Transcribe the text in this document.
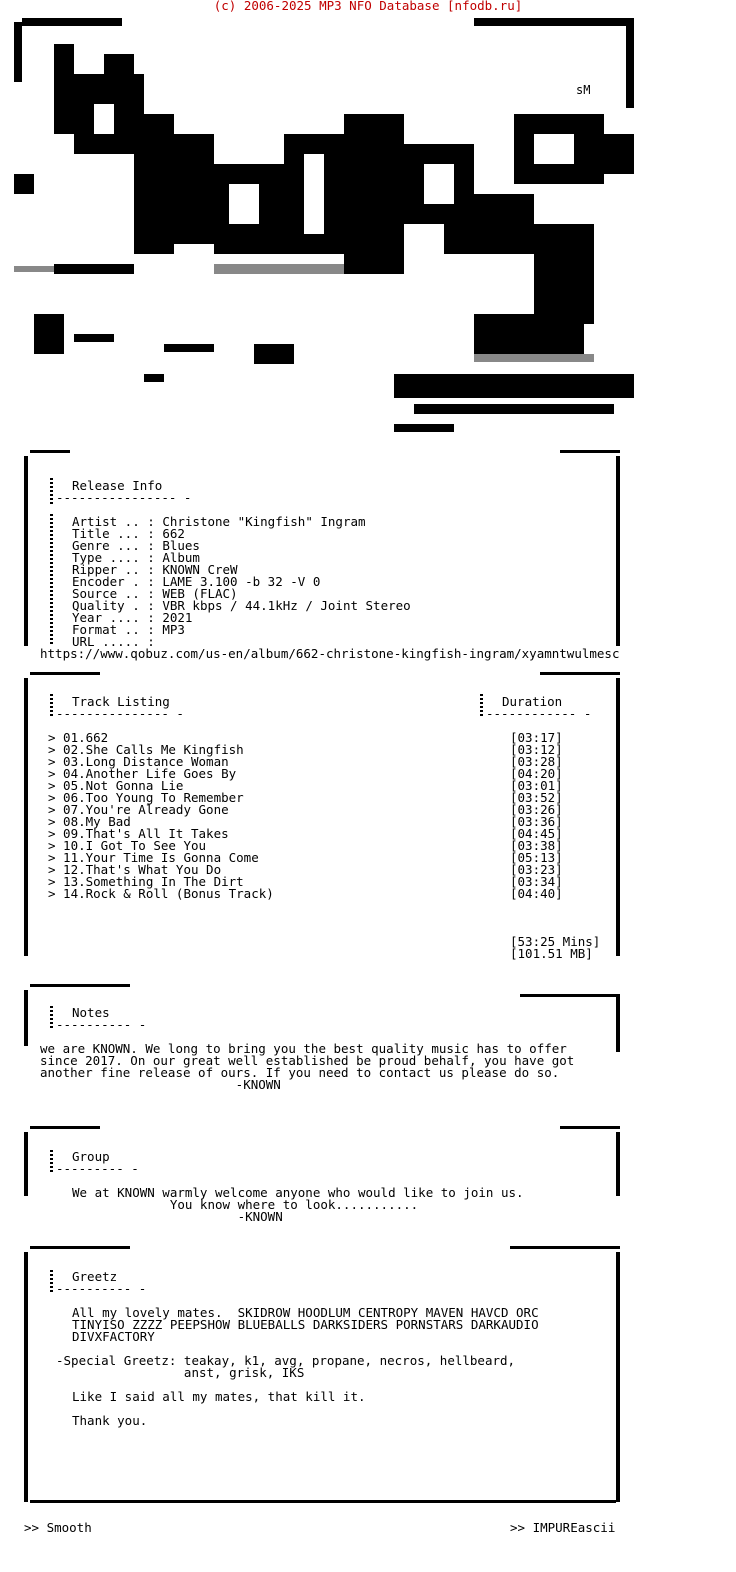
(c) 2006-2025 MP3 NFO Database [nfodb.ru]
sM
Release Info
---------------- -
Artist .. : Christone "Kingfish" Ingram
Title ... : 662
Genre ... : Blues
Type .... : Album
Ripper .. : KNOWN CreW
Encoder . : LAME 3.100 -b 32 -V 0
Source .. : WEB (FLAC)
Quality . : VBR kbps / 44.1kHz / Joint Stereo
Year .... : 2021
Format .. : MP3
URL ..... :
https://www.qobuz.com/us-en/album/662-christone-kingfish-ingram/xyamntwulmesc
Track Listing
--------------- -
Duration
------------ -
> 01.662	[03:17]
> 02.She Calls Me Kingfish	[03:12]
> 03.Long Distance Woman	[03:28]
> 04.Another Life Goes By	[04:20]
> 05.Not Gonna Lie	[03:01]
> 06.Too Young To Remember	[03:52]
> 07.You're Already Gone	[03:26]
> 08.My Bad	[03:36]
> 09.That's All It Takes	[04:45]
> 10.I Got To See You	[03:38]
> 11.Your Time Is Gonna Come	[05:13]
> 12.That's What You Do	[03:23]
> 13.Something In The Dirt	[03:34]
> 14.Rock & Roll (Bonus Track)	[04:40]
[53:25 Mins]
[101.51 MB]
Notes
---------- -
we are KNOWN. We long to bring you the best quality music has to offer
since 2017. On our great well established be proud behalf, you have got
another fine release of ours. If you need to contact us please do so.
-KNOWN
Group
--------- -
We at KNOWN warmly welcome anyone who would like to join us.
You know where to look...........
-KNOWN
Greetz
---------- -
All my lovely mates.  SKIDROW HOODLUM CENTROPY MAVEN HAVCD ORC
TINYISO ZZZZ PEEPSHOW BLUEBALLS DARKSIDERS PORNSTARS DARKAUDIO
DIVXFACTORY
-Special Greetz: teakay, k1, avg, propane, necros, hellbeard,
anst, grisk, IKS
Like I said all my mates, that kill it.
Thank you.
>> Smooth	>> IMPUREascii
